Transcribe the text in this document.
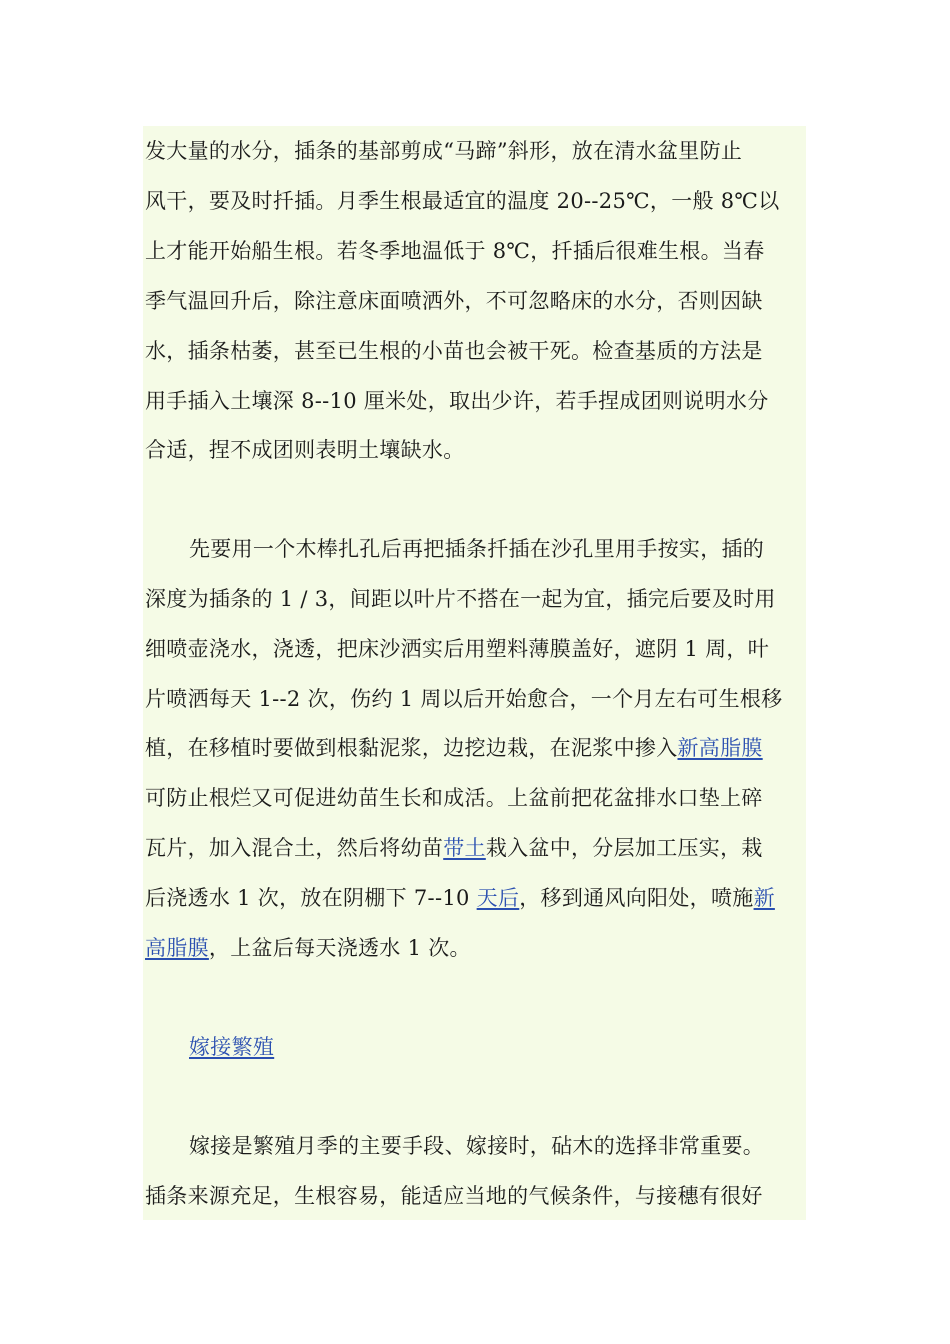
发大量的水分，插条的基部剪成“马蹄”斜形，放在清水盆里防止
风干，要及时扦插。月季生根最适宜的温度 20--25℃，一般 8℃以
上才能开始船生根。若冬季地温低于 8℃，扦插后很难生根。当春
季气温回升后，除注意床面喷洒外，不可忽略床的水分，否则因缺
水，插条枯萎，甚至已生根的小苗也会被干死。检查基质的方法是
用手插入土壤深 8--10 厘米处，取出少许，若手捏成团则说明水分
合适，捏不成团则表明土壤缺水。
先要用一个木棒扎孔后再把插条扦插在沙孔里用手按实，插的
深度为插条的 1 / 3，间距以叶片不搭在一起为宜，插完后要及时用
细喷壶浇水，浇透，把床沙洒实后用塑料薄膜盖好，遮阴 1 周，叶
片喷洒每天 1--2 次，伤约 1 周以后开始愈合，一个月左右可生根移
植，在移植时要做到根黏泥浆，边挖边栽，在泥浆中掺入新高脂膜
可防止根烂又可促进幼苗生长和成活。上盆前把花盆排水口垫上碎
瓦片，加入混合土，然后将幼苗带土栽入盆中，分层加工压实，栽
后浇透水 1 次，放在阴棚下 7--10 天后，移到通风向阳处，喷施新
高脂膜，上盆后每天浇透水 1 次。
嫁接繁殖
嫁接是繁殖月季的主要手段、嫁接时，砧木的选择非常重要。
插条来源充足，生根容易，能适应当地的气候条件，与接穗有很好
